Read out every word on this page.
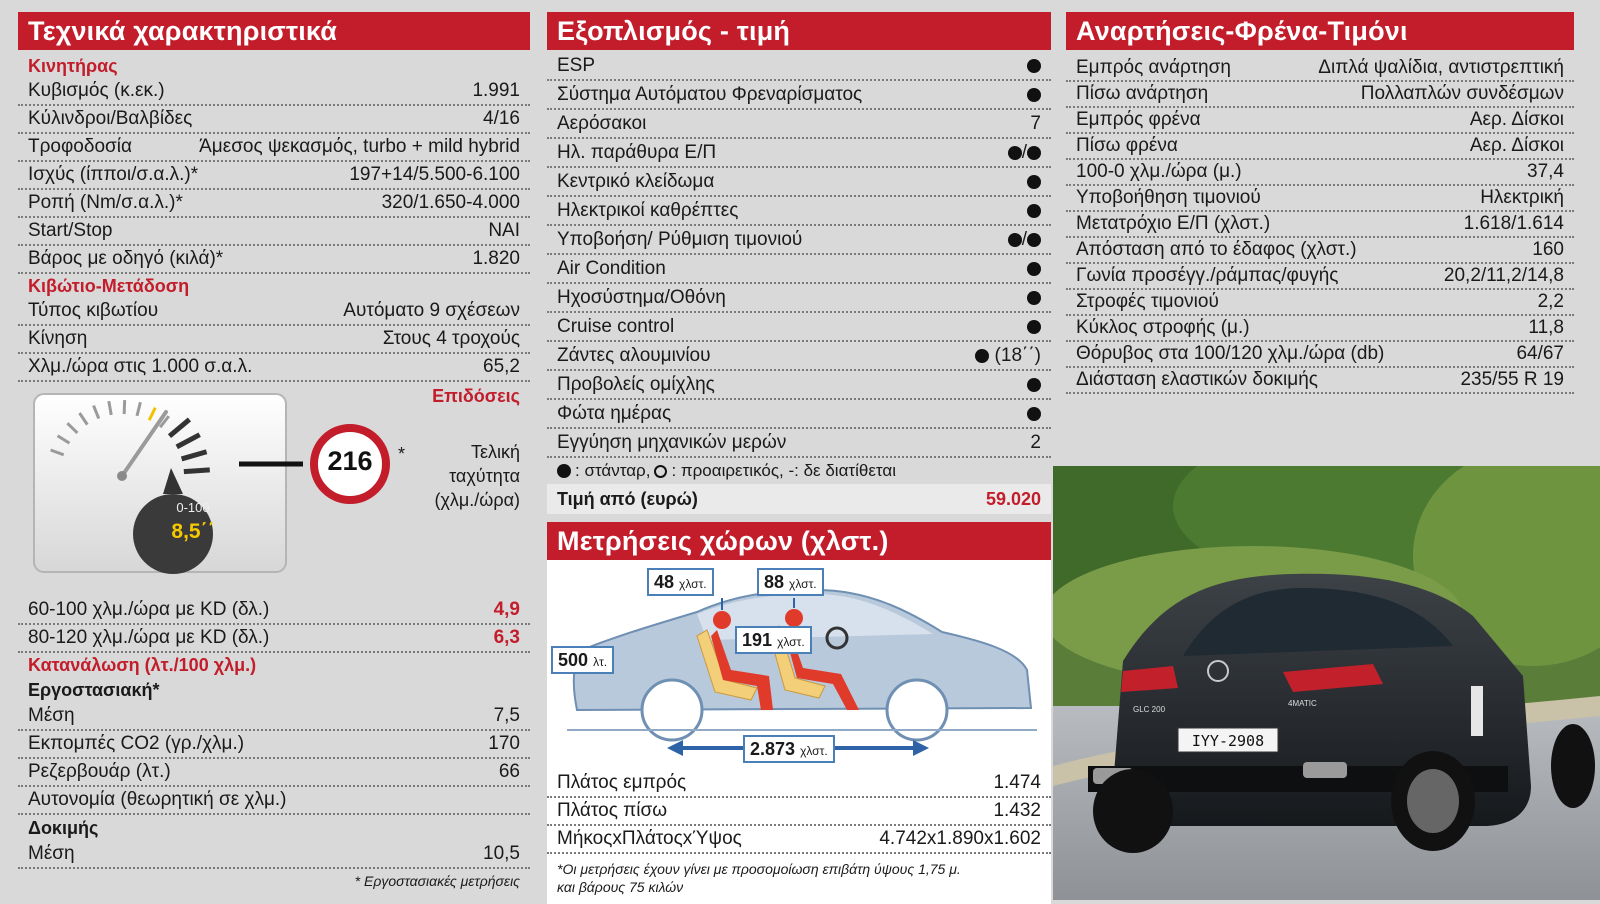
Τεχνικά χαρακτηριστικά
Κινητήρας
Κυβισμός (κ.εκ.)	1.991
Κύλινδροι/Βαλβίδες	4/16
Τροφοδοσία	Άμεσος ψεκασμός, turbo + mild hybrid
Ισχύς (ίπποι/σ.α.λ.)*	197+14/5.500-6.100
Ροπή (Nm/σ.α.λ.)*	320/1.650-4.000
Start/Stop	ΝΑΙ
Βάρος με οδηγό (κιλά)*	1.820
Κιβώτιο-Μετάδοση
Τύπος κιβωτίου	Αυτόματο 9 σχέσεων
Κίνηση	Στους 4 τροχούς
Χλμ./ώρα στις 1.000 σ.α.λ.	65,2
Επιδόσεις
0-100
8,5΄΄
216	*	Τελική
ταχύτητα
(χλμ./ώρα)
60-100 χλμ./ώρα με KD (δλ.)	4,9
80-120 χλμ./ώρα με KD (δλ.)	6,3
Κατανάλωση (λτ./100 χλμ.)
Εργοστασιακή*
Μέση	7,5
Εκπομπές CO2 (γρ./χλμ.)	170
Ρεζερβουάρ (λτ.)	66
Αυτονομία (θεωρητική σε χλμ.)
Δοκιμής
Μέση	10,5
* Εργοστασιακές μετρήσεις
Εξοπλισμός - τιμή
ESP
Σύστημα Αυτόματου Φρεναρίσματος
Αερόσακοι	7
Ηλ. παράθυρα Ε/Π	/
Κεντρικό κλείδωμα
Ηλεκτρικοί καθρέπτες
Υποβοήση/ Ρύθμιση τιμονιού	/
Air Condition
Ηχοσύστημα/Οθόνη
Cruise control
Ζάντες αλουμινίου	(18΄΄)
Προβολείς ομίχλης
Φώτα ημέρας
Εγγύηση μηχανικών μερών	2
: στάνταρ, : προαιρετικός, -: δε διατίθεται
Τιμή από (ευρώ)	59.020
Μετρήσεις χώρων (χλστ.)
48 χλστ.	88 χλστ.
191 χλστ.
500 λτ.
2.873 χλστ.
Πλάτος εμπρός	1.474
Πλάτος πίσω	1.432
ΜήκοςxΠλάτοςxΎψος	4.742x1.890x1.602
*Οι μετρήσεις έχουν γίνει με προσομοίωση επιβάτη ύψους 1,75 μ.
και βάρους 75 κιλών
Αναρτήσεις-Φρένα-Τιμόνι
Εμπρός ανάρτηση	Διπλά ψαλίδια, αντιστρεπτική
Πίσω ανάρτηση	Πολλαπλών συνδέσμων
Εμπρός φρένα	Αερ. Δίσκοι
Πίσω φρένα	Αερ. Δίσκοι
100-0 χλμ./ώρα (μ.)	37,4
Υποβοήθηση τιμονιού	Ηλεκτρική
Μετατρόχιο Ε/Π (χλστ.)	1.618/1.614
Απόσταση από το έδαφος (χλστ.)	160
Γωνία προσέγγ./ράμπας/φυγής	20,2/11,2/14,8
Στροφές τιμονιού	2,2
Κύκλος στροφής (μ.)	11,8
Θόρυβος στα 100/120 χλμ./ώρα (db)	64/67
Διάσταση ελαστικών δοκιμής	235/55 R 19
ΙΥΥ-2908
GLC 200
4MATIC
